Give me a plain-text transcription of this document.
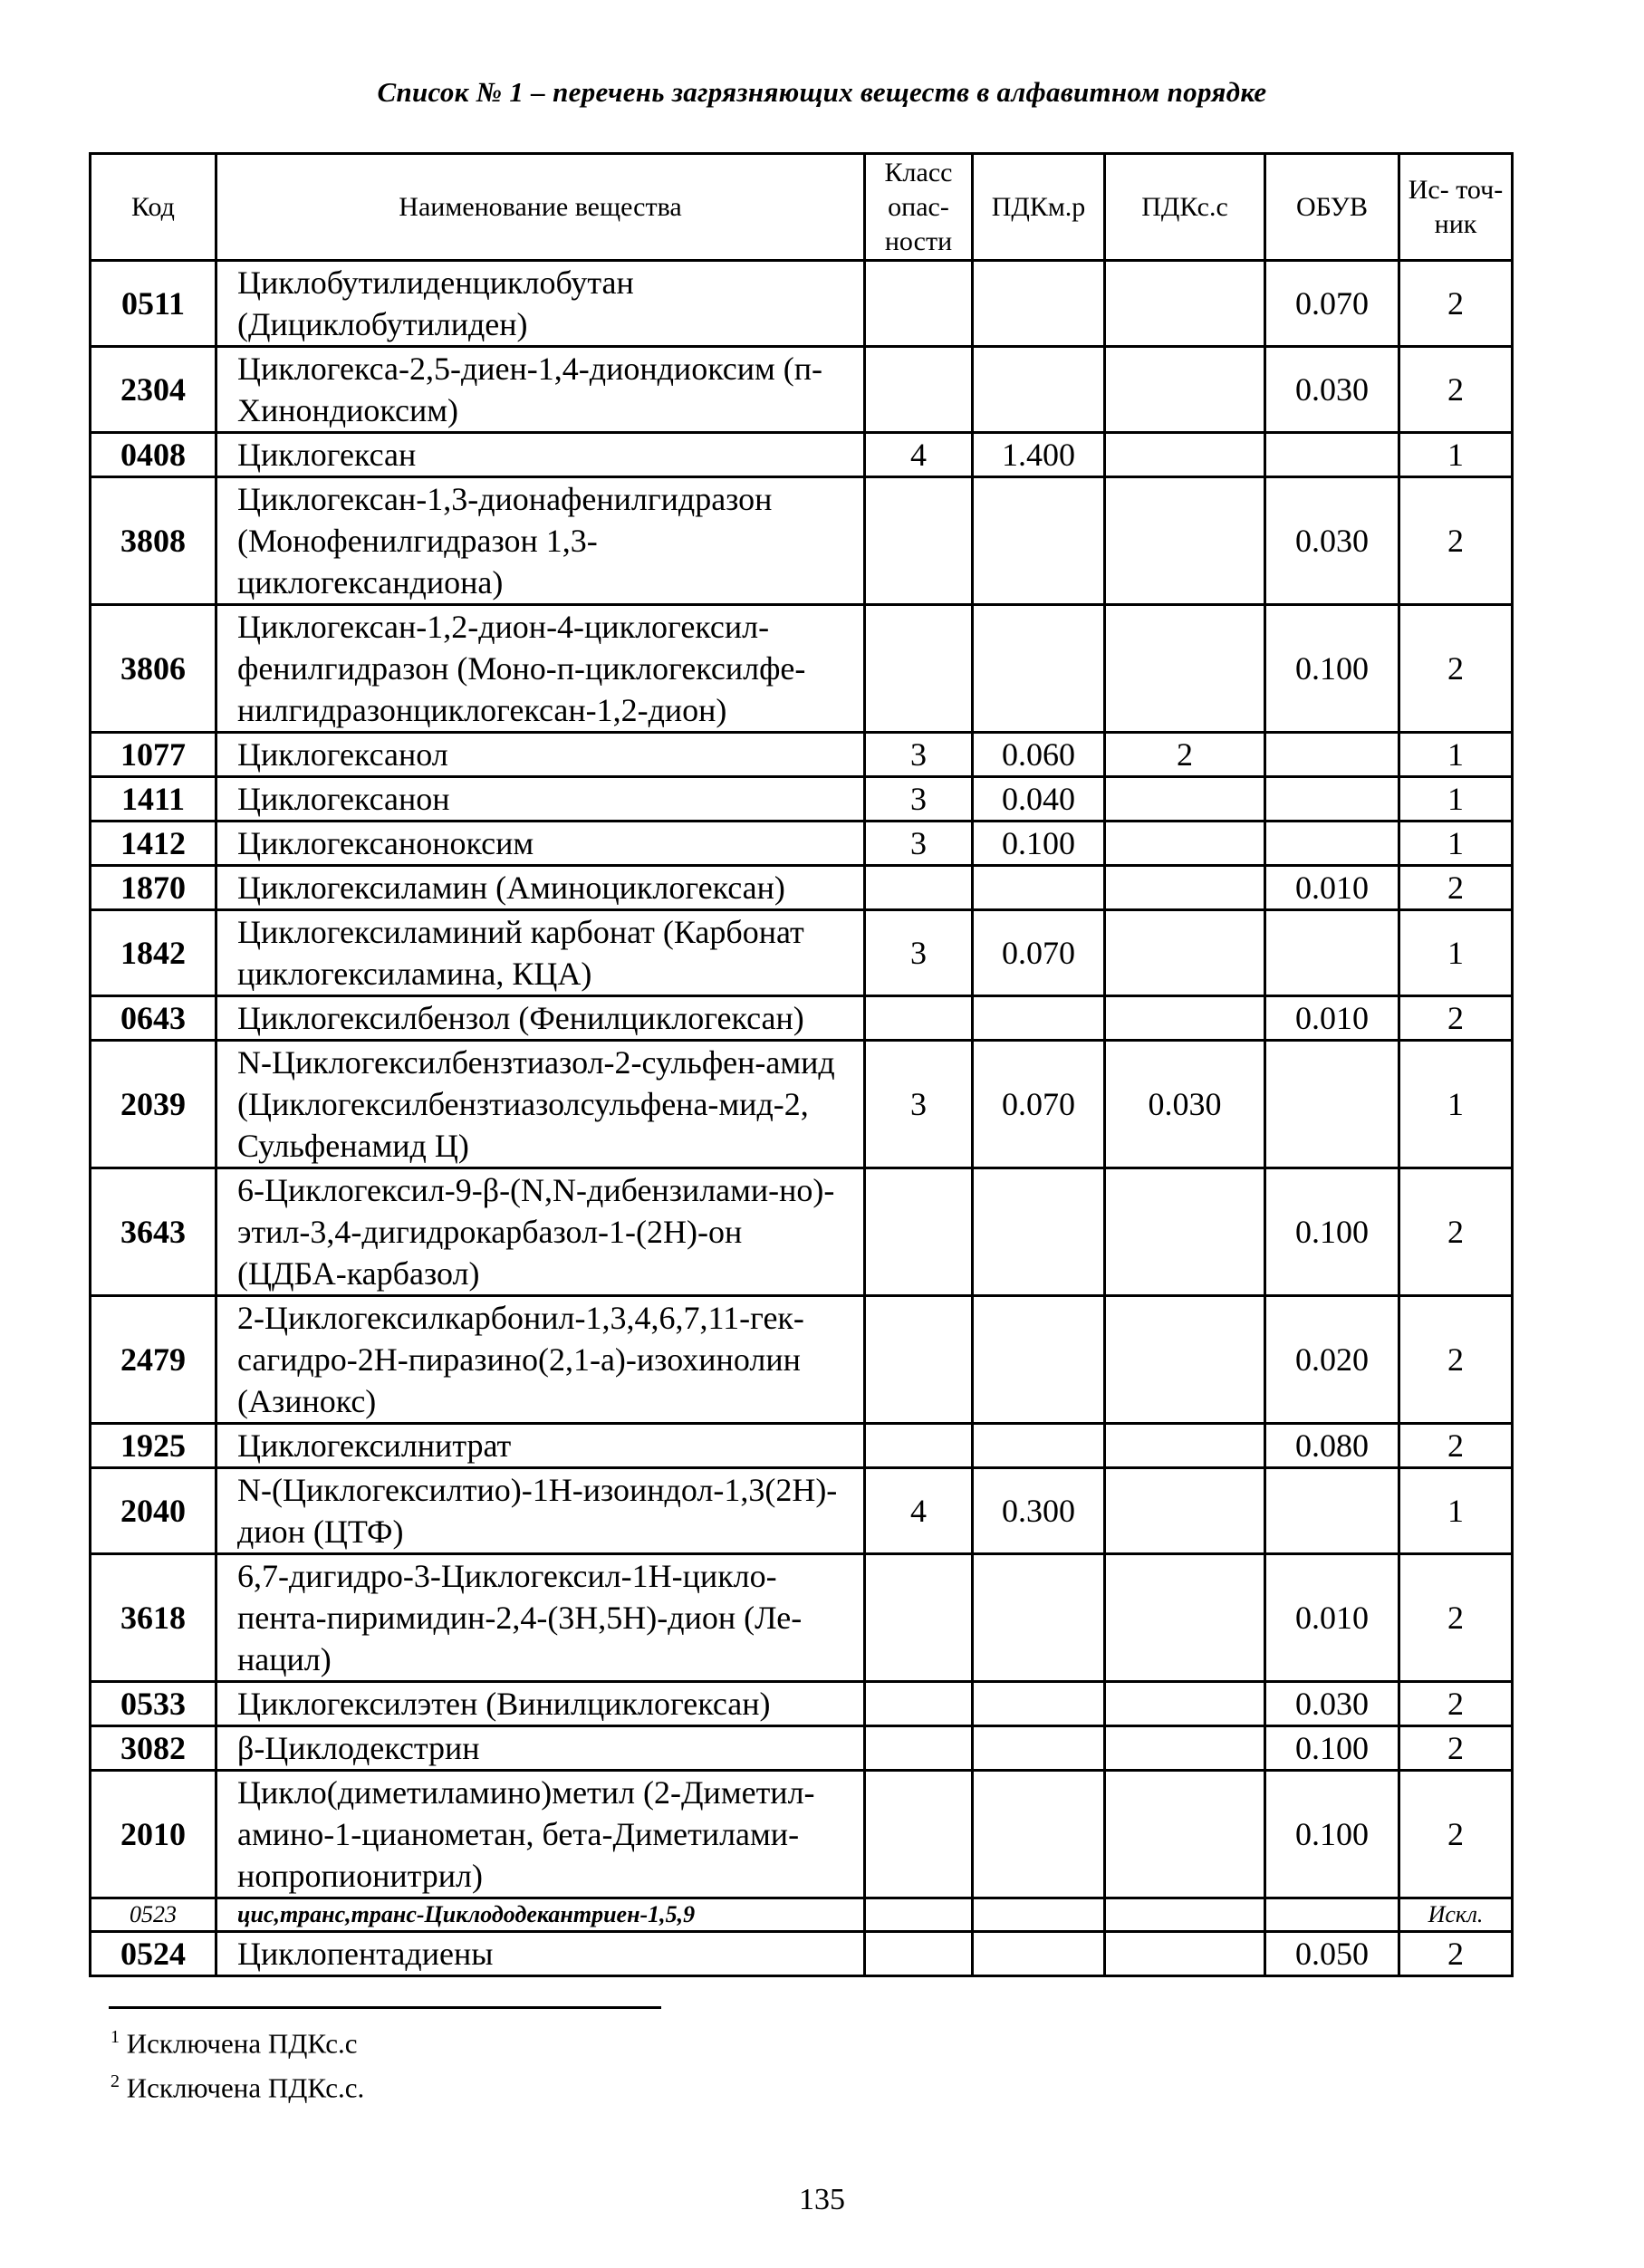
Список № 1 – перечень загрязняющих веществ в алфавитном порядке
Код	Наименование вещества	Класс опас- ности	ПДКм.р	ПДКс.с	ОБУВ	Ис- точ- ник
0511	Циклобутилиденциклобутан (Дициклобутилиден)				0.070	2
2304	Циклогекса-2,5-диен-1,4-диондиоксим (п-Хинондиоксим)				0.030	2
0408	Циклогексан	4	1.400			1
3808	Циклогексан-1,3-дионафенилгидразон (Монофенилгидразон 1,3-циклогександиона)				0.030	2
3806	Циклогексан-1,2-дион-4-циклогексил-фенилгидразон (Моно-п-циклогексилфе-нилгидразонциклогексан-1,2-дион)				0.100	2
1077	Циклогексанол	3	0.060	2		1
1411	Циклогексанон	3	0.040			1
1412	Циклогексаноноксим	3	0.100			1
1870	Циклогексиламин (Аминоциклогексан)				0.010	2
1842	Циклогексиламиний карбонат (Карбонат циклогексиламина, КЦА)	3	0.070			1
0643	Циклогексилбензол (Фенилциклогексан)				0.010	2
2039	N-Циклогексилбензтиазол-2-сульфен-амид (Циклогексилбензтиазолсульфена-мид-2, Сульфенамид Ц)	3	0.070	0.030		1
3643	6-Циклогексил-9-β-(N,N-дибензилами-но)-этил-3,4-дигидрокарбазол-1-(2H)-он (ЦДБА-карбазол)				0.100	2
2479	2-Циклогексилкарбонил-1,3,4,6,7,11-гек-сагидро-2H-пиразино(2,1-a)-изохинолин (Азинокс)				0.020	2
1925	Циклогексилнитрат				0.080	2
2040	N-(Циклогексилтио)-1H-изоиндол-1,3(2H)-дион (ЦТФ)	4	0.300			1
3618	6,7-дигидро-3-Циклогексил-1H-цикло-пента-пиримидин-2,4-(3H,5H)-дион (Ле-нацил)				0.010	2
0533	Циклогексилэтен (Винилциклогексан)				0.030	2
3082	β-Циклодекстрин				0.100	2
2010	Цикло(диметиламино)метил (2-Диметил-амино-1-цианометан, бета-Диметилами-нопропионитрил)				0.100	2
0523	цис,транс,транс-Циклододекантриен-1,5,9					Искл.
0524	Циклопентадиены				0.050	2
$^1$ Исключена ПДКс.с
$^2$ Исключена ПДКс.с.
135
